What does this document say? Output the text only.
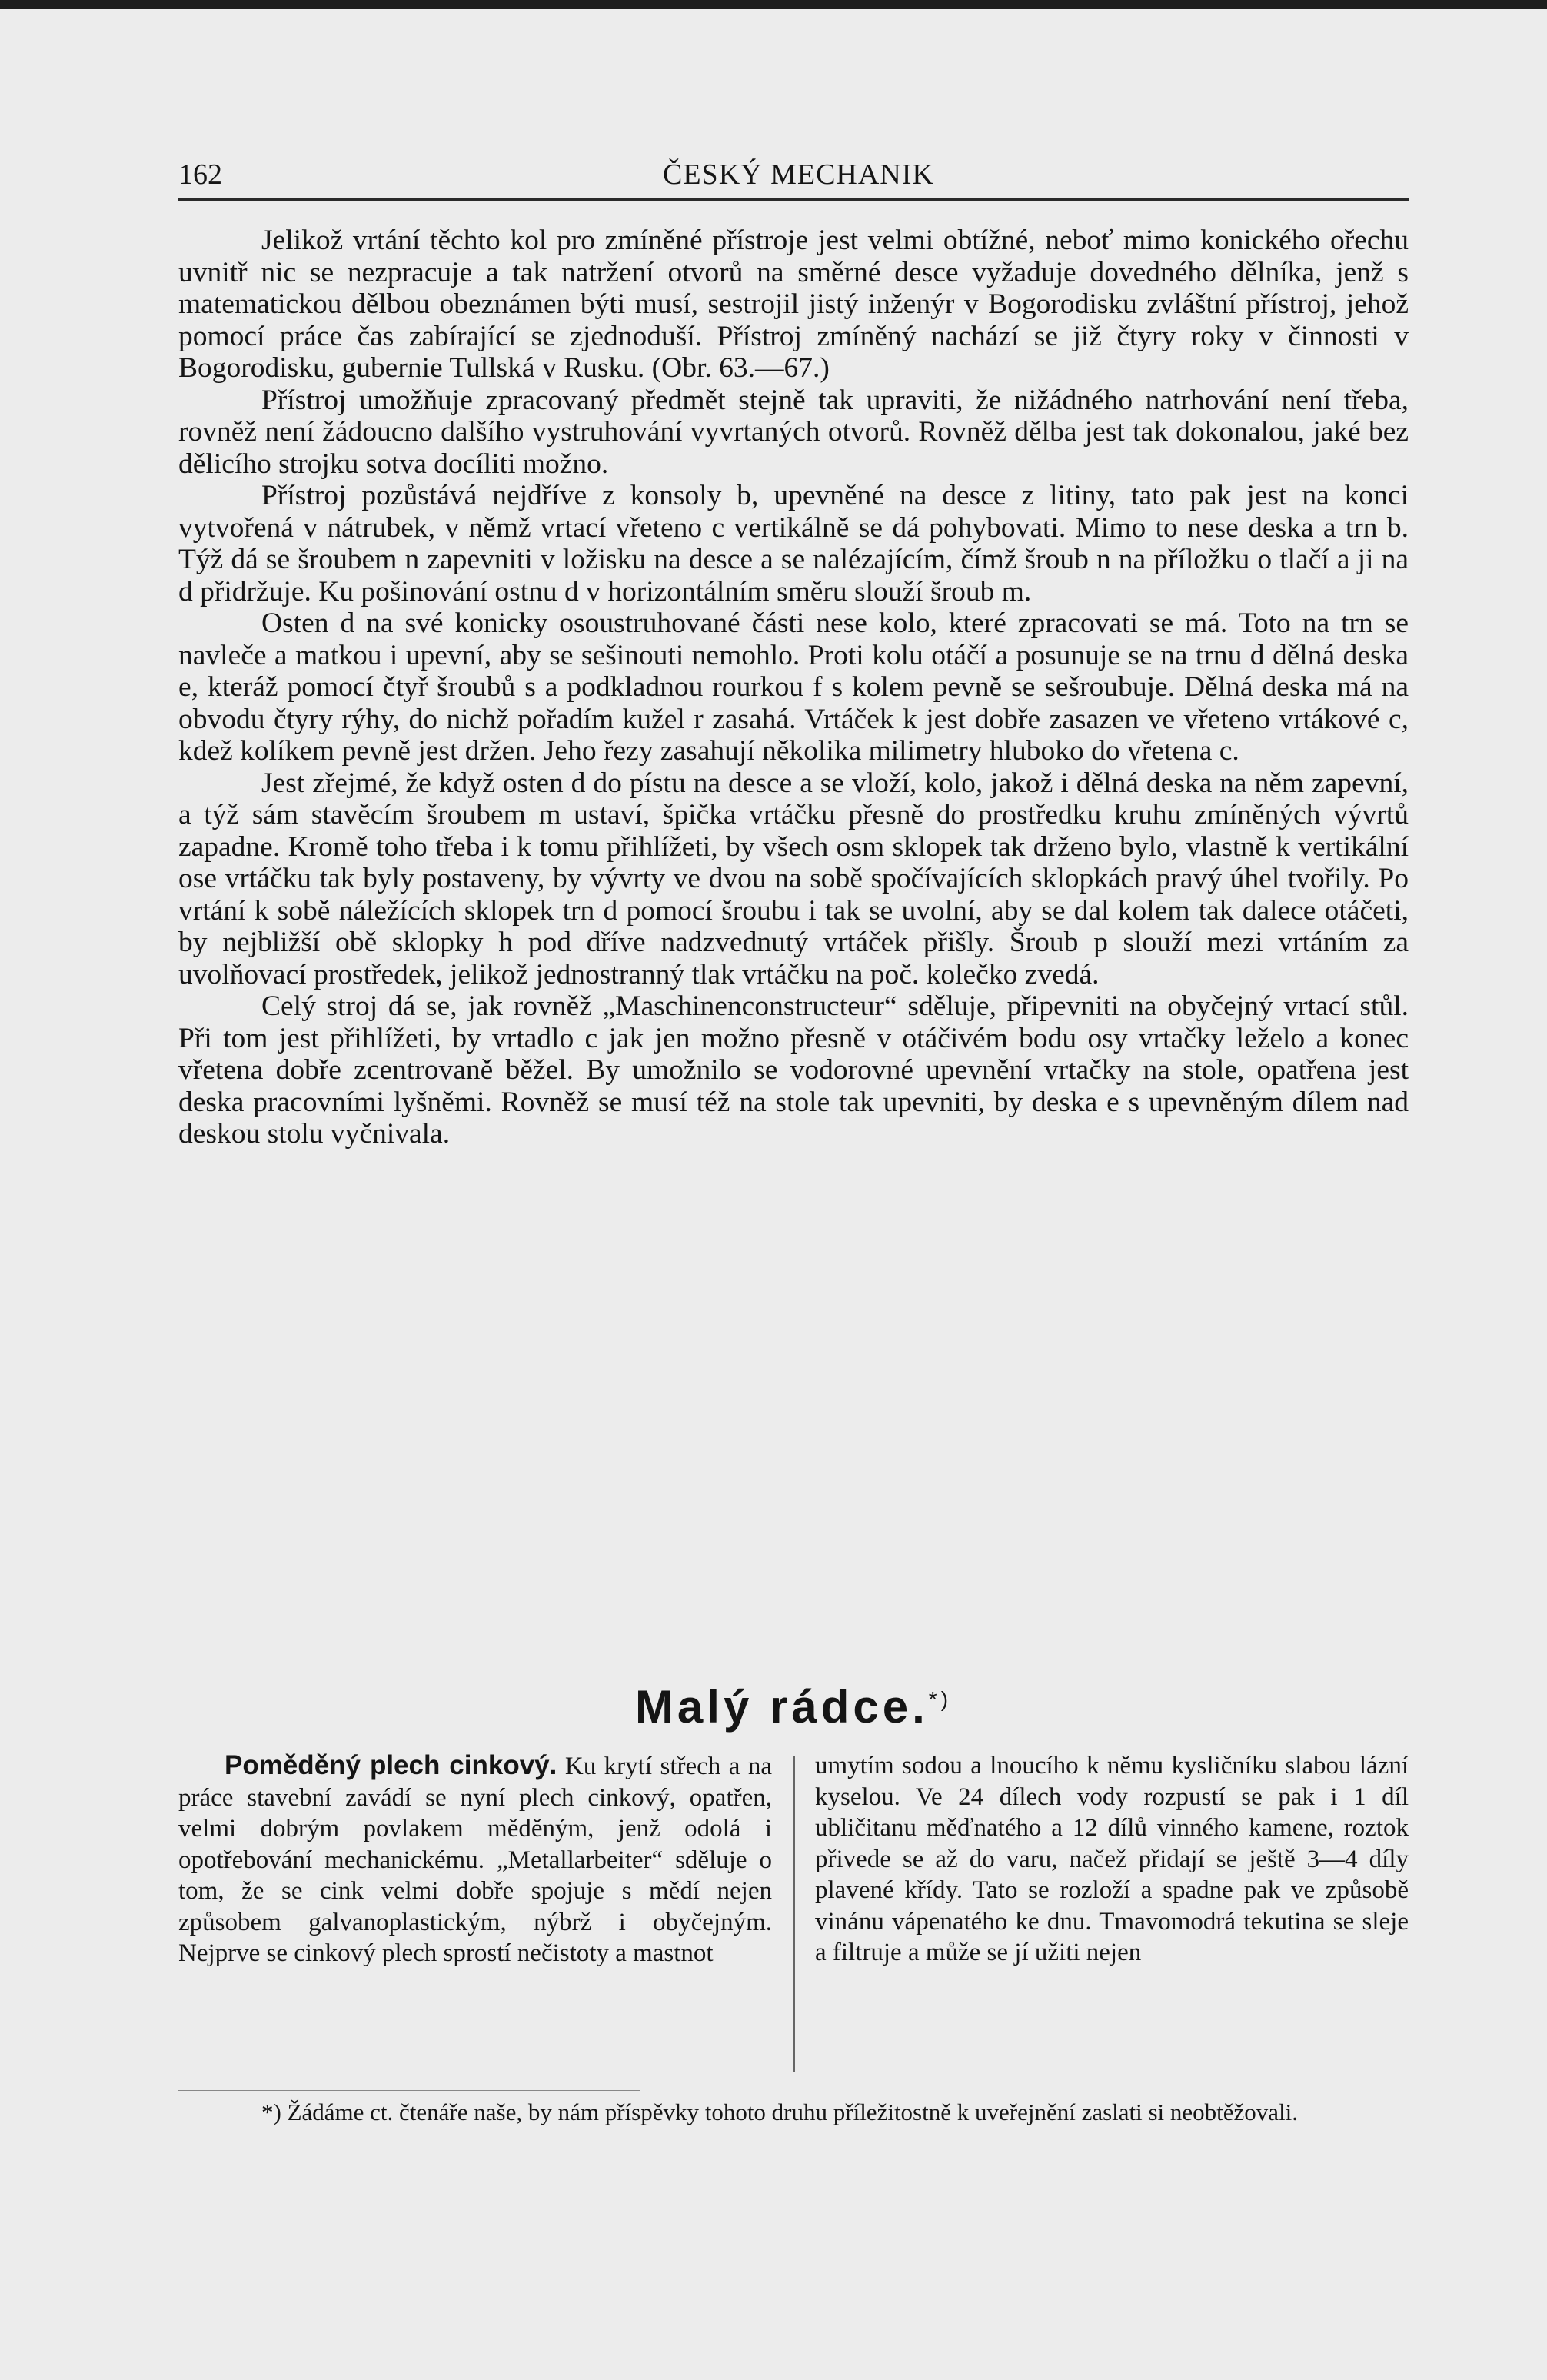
162	ČESKÝ MECHANIK

Jelikož vrtání těchto kol pro zmíněné přístroje jest velmi obtížné, neboť mimo konického ořechu uvnitř nic se nezpracuje a tak natržení otvorů na směrné desce vyžaduje dovedného dělníka, jenž s matematickou dělbou obeznámen býti musí, sestrojil jistý inženýr v Bogorodisku zvláštní přístroj, jehož pomocí práce čas zabírající se zjednoduší. Přístroj zmíněný nachází se již čtyry roky v činnosti v Bogorodisku, gubernie Tullská v Rusku. (Obr. 63.—67.)

Přístroj umožňuje zpracovaný předmět stejně tak upraviti, že nižádného natrhování není třeba, rovněž není žádoucno dalšího vystruhování vyvrtaných otvorů. Rovněž dělba jest tak dokonalou, jaké bez dělicího strojku sotva docíliti možno.

Přístroj pozůstává nejdříve z konsoly b, upevněné na desce z litiny, tato pak jest na konci vytvořená v nátrubek, v němž vrtací vřeteno c vertikálně se dá pohybovati. Mimo to nese deska a trn b. Týž dá se šroubem n zapevniti v ložisku na desce a se nalézajícím, čímž šroub n na příložku o tlačí a ji na d přidržuje. Ku pošinování ostnu d v horizontálním směru slouží šroub m.

Osten d na své konicky osoustruhované části nese kolo, které zpracovati se má. Toto na trn se navleče a matkou i upevní, aby se sešinouti nemohlo. Proti kolu otáčí a posunuje se na trnu d dělná deska e, kteráž pomocí čtyř šroubů s a podkladnou rourkou f s kolem pevně se sešroubuje. Dělná deska má na obvodu čtyry rýhy, do nichž pořadím kužel r zasahá. Vrtáček k jest dobře zasazen ve vřeteno vrtákové c, kdež kolíkem pevně jest držen. Jeho řezy zasahují několika milimetry hluboko do vřetena c.

Jest zřejmé, že když osten d do pístu na desce a se vloží, kolo, jakož i dělná deska na něm zapevní, a týž sám stavěcím šroubem m ustaví, špička vrtáčku přesně do prostředku kruhu zmíněných vývrtů zapadne. Kromě toho třeba i k tomu přihlížeti, by všech osm sklopek tak drženo bylo, vlastně k vertikální ose vrtáčku tak byly postaveny, by vývrty ve dvou na sobě spočívajících sklopkách pravý úhel tvořily. Po vrtání k sobě náležících sklopek trn d pomocí šroubu i tak se uvolní, aby se dal kolem tak dalece otáčeti, by nejbližší obě sklopky h pod dříve nadzvednutý vrtáček přišly. Šroub p slouží mezi vrtáním za uvolňovací prostředek, jelikož jednostranný tlak vrtáčku na poč. kolečko zvedá.

Celý stroj dá se, jak rovněž „Maschinenconstructeur“ sděluje, připevniti na obyčejný vrtací stůl. Při tom jest přihlížeti, by vrtadlo c jak jen možno přesně v otáčivém bodu osy vrtačky leželo a konec vřetena dobře zcentrovaně běžel. By umožnilo se vodorovné upevnění vrtačky na stole, opatřena jest deska pracovními lyšněmi. Rovněž se musí též na stole tak upevniti, by deska e s upevněným dílem nad deskou stolu vyčnivala.

Malý rádce.*)

Poměděný plech cinkový. Ku krytí střech a na práce stavební zavádí se nyní plech cinkový, opatřen, velmi dobrým povlakem měděným, jenž odolá i opotřebování mechanickému. „Metallarbeiter“ sděluje o tom, že se cink velmi dobře spojuje s mědí nejen způsobem galvanoplastickým, nýbrž i obyčejným. Nejprve se cinkový plech sprostí nečistoty a mastnot

umytím sodou a lnoucího k němu kysličníku slabou lázní kyselou. Ve 24 dílech vody rozpustí se pak i 1 díl ubličitanu měďnatého a 12 dílů vinného kamene, roztok přivede se až do varu, načež přidají se ještě 3—4 díly plavené křídy. Tato se rozloží a spadne pak ve způsobě vinánu vápenatého ke dnu. Tmavomodrá tekutina se sleje a filtruje a může se jí užiti nejen

*) Žádáme ct. čtenáře naše, by nám příspěvky tohoto druhu příležitostně k uveřejnění zaslati si neobtěžovali.
